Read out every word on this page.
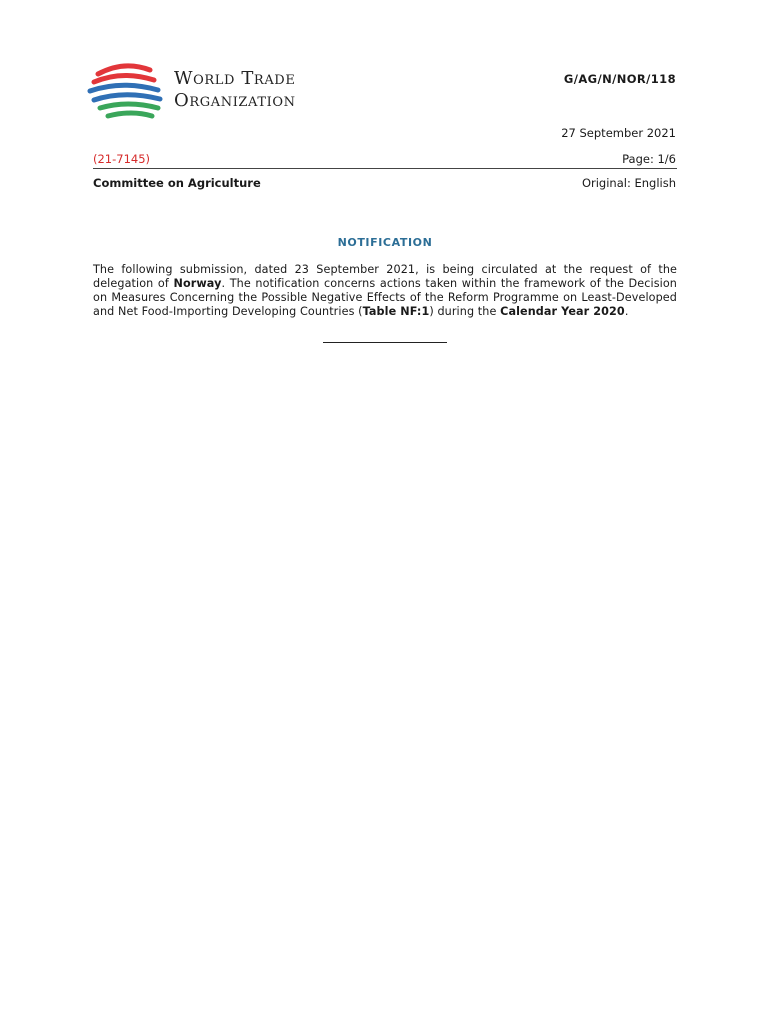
World Trade
Organization
G/AG/N/NOR/118
27 September 2021
(21-7145)	Page: 1/6
Committee on Agriculture	Original: English
NOTIFICATION

The following submission, dated 23 September 2021, is being circulated at the request of the delegation of Norway. The notification concerns actions taken within the framework of the Decision on Measures Concerning the Possible Negative Effects of the Reform Programme on Least-Developed and Net Food-Importing Developing Countries (Table NF:1) during the Calendar Year 2020.
